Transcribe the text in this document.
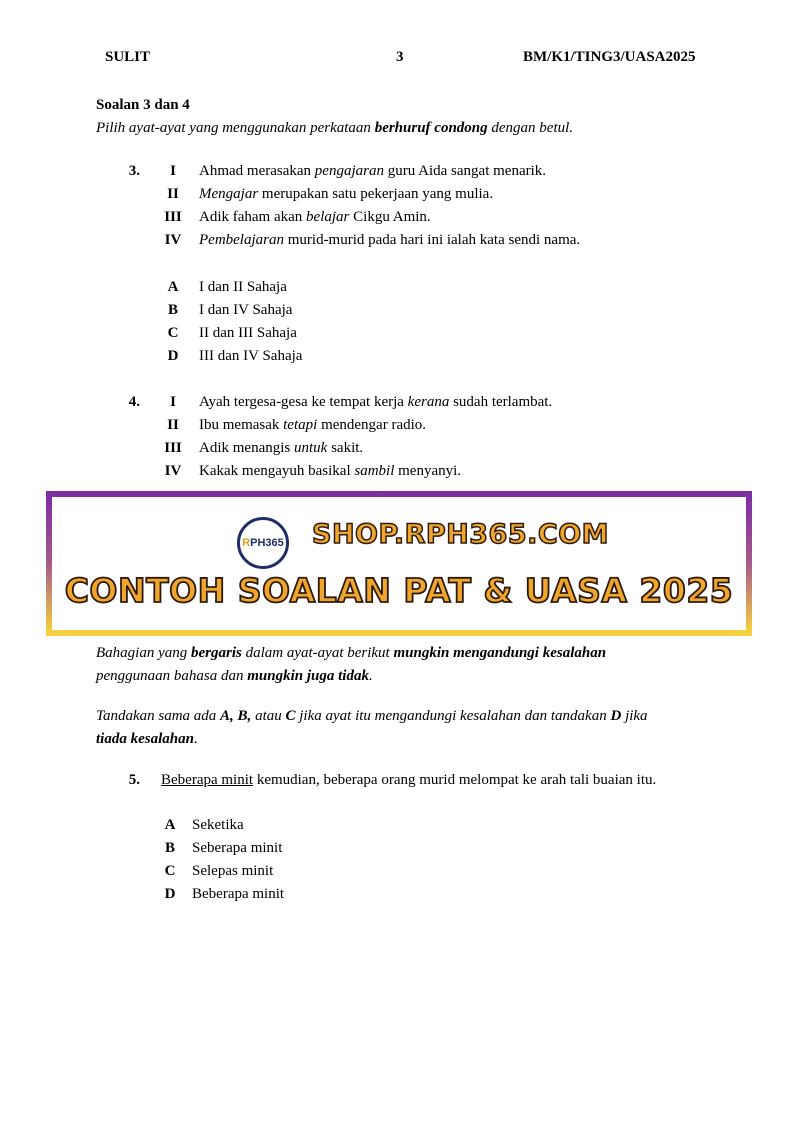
SULIT	3	BM/K1/TING3/UASA2025
Soalan 3 dan 4
Pilih ayat-ayat yang menggunakan perkataan berhuruf condong dengan betul.
3.	I	Ahmad merasakan pengajaran guru Aida sangat menarik.
II	Mengajar merupakan satu pekerjaan yang mulia.
III	Adik faham akan belajar Cikgu Amin.
IV	Pembelajaran murid-murid pada hari ini ialah kata sendi nama.
A	I dan II Sahaja
B	I dan IV Sahaja
C	II dan III Sahaja
D	III dan IV Sahaja
4.	I	Ayah tergesa-gesa ke tempat kerja kerana sudah terlambat.
II	Ibu memasak tetapi mendengar radio.
III	Adik menangis untuk sakit.
IV	Kakak mengayuh basikal sambil menyanyi.
RPH365 SHOP.RPH365.COM
CONTOH SOALAN PAT & UASA 2025
Bahagian yang bergaris dalam ayat-ayat berikut mungkin mengandungi kesalahan
penggunaan bahasa dan mungkin juga tidak.
Tandakan sama ada A, B, atau C jika ayat itu mengandungi kesalahan dan tandakan D jika
tiada kesalahan.
5. Beberapa minit kemudian, beberapa orang murid melompat ke arah tali buaian itu.
A	Seketika
B	Seberapa minit
C	Selepas minit
D	Beberapa minit
